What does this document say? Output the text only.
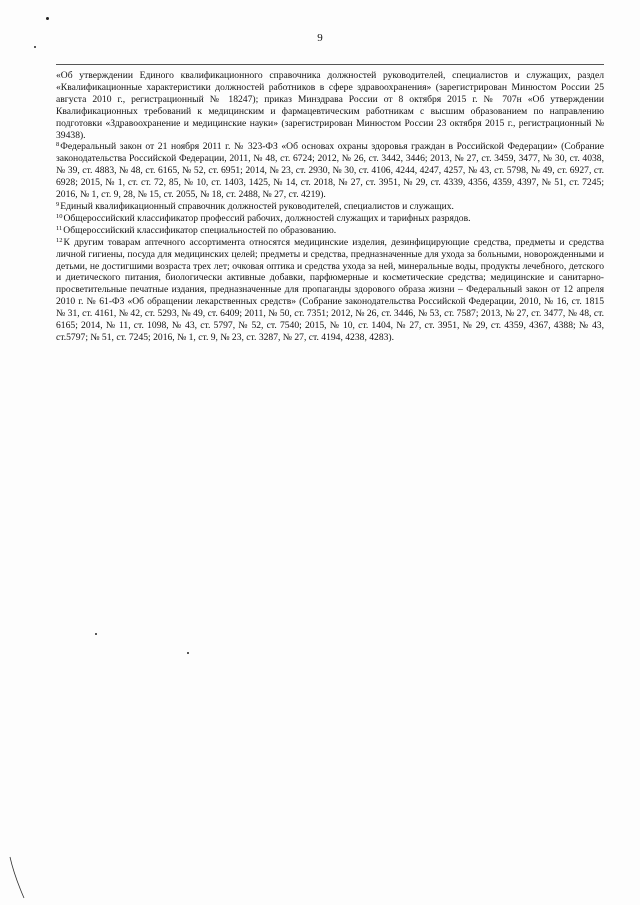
9

«Об утверждении Единого квалификационного справочника должностей руководителей, специалистов и служащих, раздел «Квалификационные характеристики должностей работников в сфере здравоохранения» (зарегистрирован Минюстом России 25 августа 2010 г., регистрационный № 18247); приказ Минздрава России от 8 октября 2015 г. № 707н «Об утверждении Квалификационных требований к медицинским и фармацевтическим работникам с высшим образованием по направлению подготовки «Здравоохранение и медицинские науки» (зарегистрирован Минюстом России 23 октября 2015 г., регистрационный № 39438).

$^8$Федеральный закон от 21 ноября 2011 г. № 323-ФЗ «Об основах охраны здоровья граждан в Российской Федерации» (Собрание законодательства Российской Федерации, 2011, № 48, ст. 6724; 2012, № 26, ст. 3442, 3446; 2013, № 27, ст. 3459, 3477, № 30, ст. 4038, № 39, ст. 4883, № 48, ст. 6165, № 52, ст. 6951; 2014, № 23, ст. 2930, № 30, ст. 4106, 4244, 4247, 4257, № 43, ст. 5798, № 49, ст. 6927, ст. 6928; 2015, № 1, ст. ст. 72, 85, № 10, ст. 1403, 1425, № 14, ст. 2018, № 27, ст. 3951, № 29, ст. 4339, 4356, 4359, 4397, № 51, ст. 7245; 2016, № 1, ст. 9, 28, № 15, ст. 2055, № 18, ст. 2488, № 27, ст. 4219).

$^9$Единый квалификационный справочник должностей руководителей, специалистов и служащих.

$^{10}$Общероссийский классификатор профессий рабочих, должностей служащих и тарифных разрядов.

$^{11}$Общероссийский классификатор специальностей по образованию.

$^{12}$К другим товарам аптечного ассортимента относятся медицинские изделия, дезинфицирующие средства, предметы и средства личной гигиены, посуда для медицинских целей; предметы и средства, предназначенные для ухода за больными, новорожденными и детьми, не достигшими возраста трех лет; очковая оптика и средства ухода за ней, минеральные воды, продукты лечебного, детского и диетического питания, биологически активные добавки, парфюмерные и косметические средства; медицинские и санитарно-просветительные печатные издания, предназначенные для пропаганды здорового образа жизни – Федеральный закон от 12 апреля 2010 г. № 61-ФЗ «Об обращении лекарственных средств» (Собрание законодательства Российской Федерации, 2010, № 16, ст. 1815 № 31, ст. 4161, № 42, ст. 5293, № 49, ст. 6409; 2011, № 50, ст. 7351; 2012, № 26, ст. 3446, № 53, ст. 7587; 2013, № 27, ст. 3477, № 48, ст. 6165; 2014, № 11, ст. 1098, № 43, ст. 5797, № 52, ст. 7540; 2015, № 10, ст. 1404, № 27, ст. 3951, № 29, ст. 4359, 4367, 4388; № 43, ст.5797; № 51, ст. 7245; 2016, № 1, ст. 9, № 23, ст. 3287, № 27, ст. 4194, 4238, 4283).
